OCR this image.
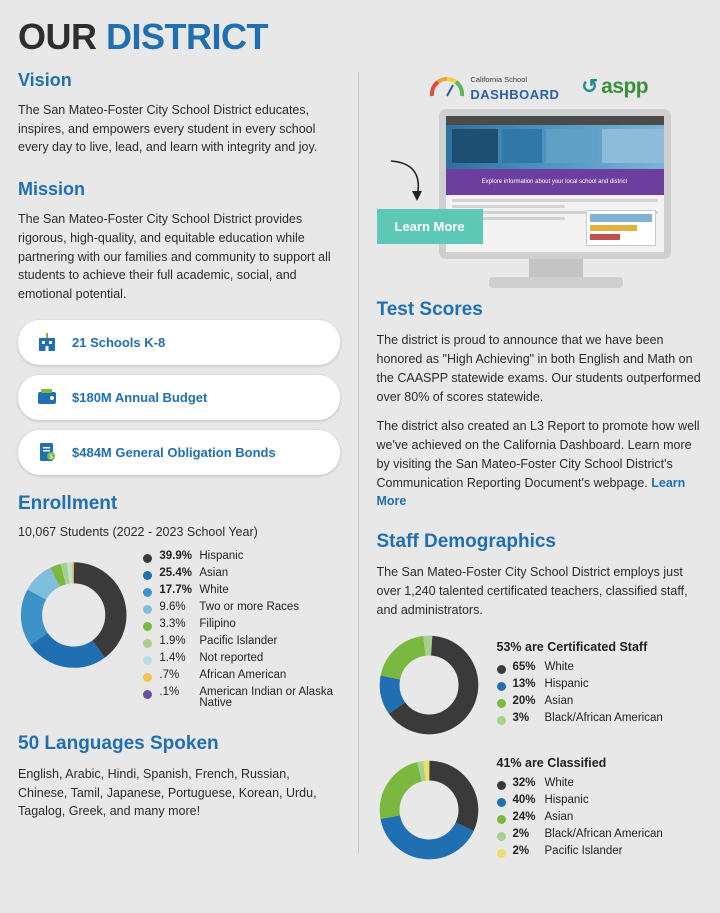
OUR DISTRICT
Vision

The San Mateo-Foster City School District educates, inspires, and empowers every student in every school every day to live, lead, and learn with integrity and joy.

Mission

The San Mateo-Foster City School District provides rigorous, high-quality, and equitable education while partnering with our families and community to support all students to achieve their full academic, social, and emotional potential.

21 Schools K-8
$180M Annual Budget
$ $484M General Obligation Bonds
Enrollment
10,067 Students (2022 - 2023 School Year)
39.9% Hispanic
25.4% Asian
17.7% White
9.6%	Two or more Races
3.3%	Filipino
1.9%	Pacific Islander
1.4%	Not reported
.7%	African American
.1%	American Indian or Alaska Native
50 Languages Spoken

English, Arabic, Hindi, Spanish, French, Russian, Chinese, Tamil, Japanese, Portuguese, Korean, Urdu, Tagalog, Greek, and many more!

California School
DASHBOARD ↺ aspp
Explore information about your local school and district
Learn More
Test Scores

The district is proud to announce that we have been honored as "High Achieving" in both English and Math on the CAASPP statewide exams. Our students outperformed over 80% of scores statewide.

The district also created an L3 Report to promote how well we've achieved on the California Dashboard. Learn more by visiting the San Mateo-Foster City School District's Communication Reporting Document's webpage. Learn More

Staff Demographics

The San Mateo-Foster City School District employs just over 1,240 talented certificated teachers, classified staff, and administrators.

53% are Certificated Staff
65% White
13% Hispanic
20% Asian
3%	Black/African American
41% are Classified
32% White
40% Hispanic
24% Asian
2%	Black/African American
2%	Pacific Islander
